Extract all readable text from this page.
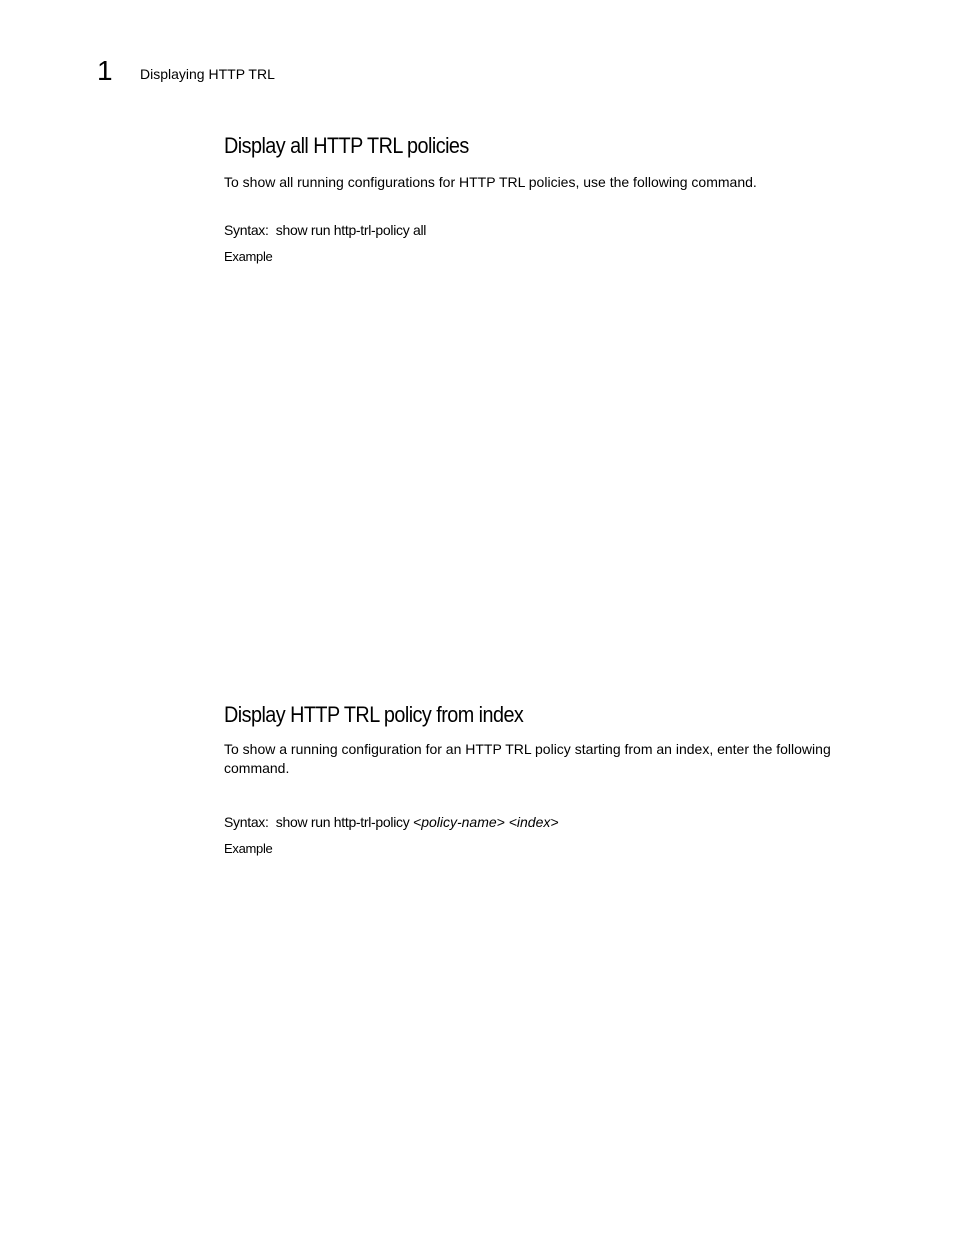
1 Displaying HTTP TRL
Display all HTTP TRL policies

To show all running configurations for HTTP TRL policies, use the following command.

Syntax: show run http-trl-policy all

Example

Display HTTP TRL policy from index

To show a running configuration for an HTTP TRL policy starting from an index, enter the following command.

Syntax: show run http-trl-policy <policy-name> <index>

Example
